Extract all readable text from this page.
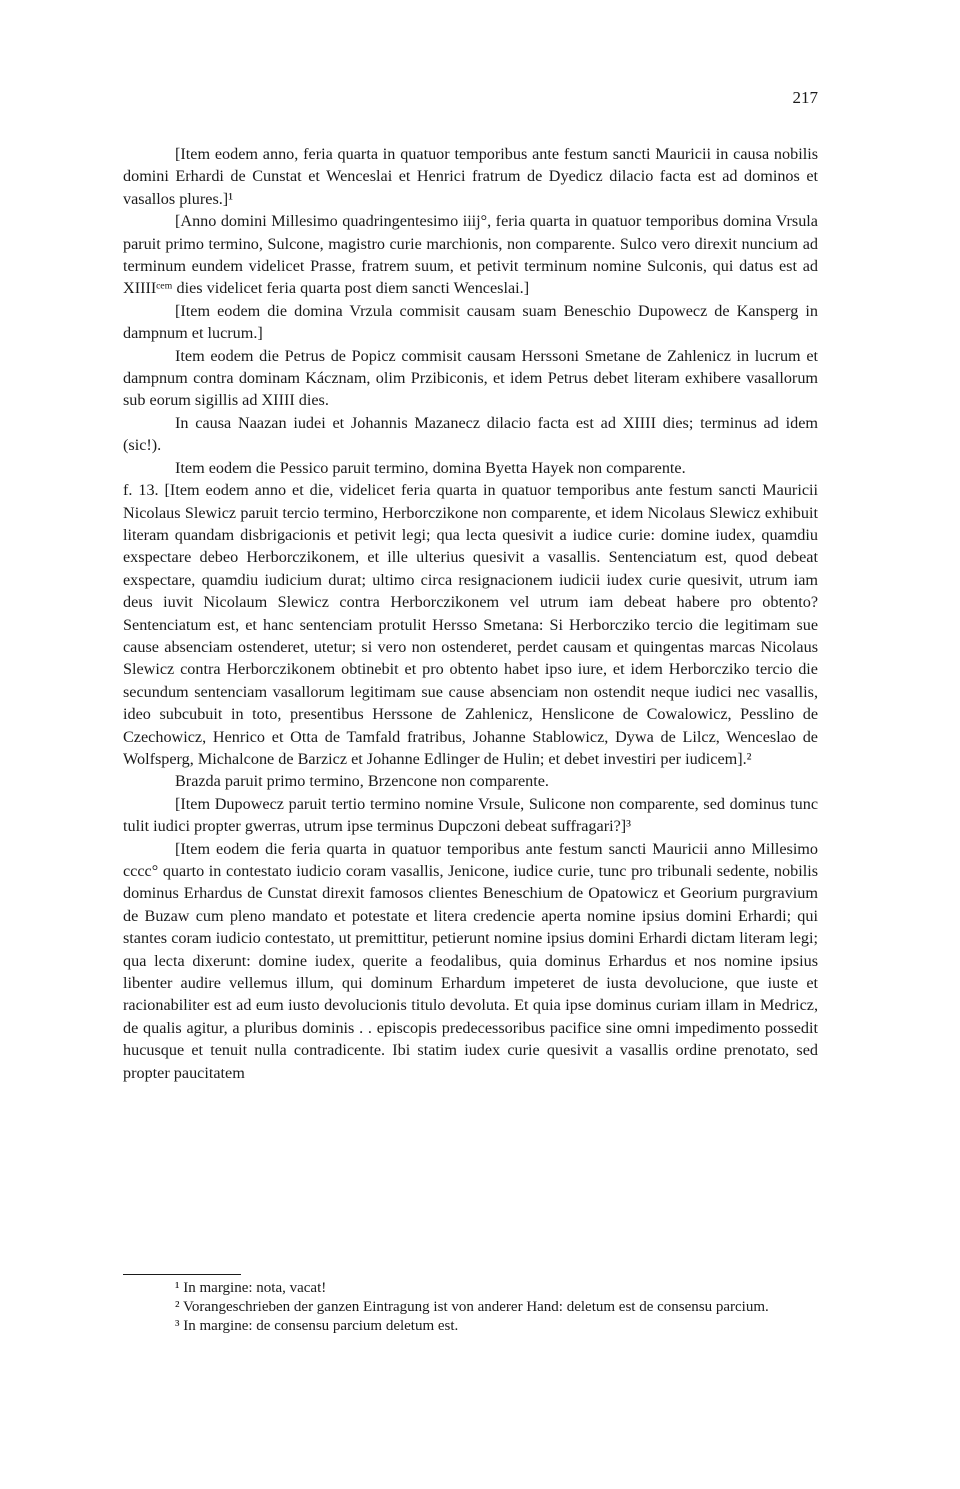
217

[Item eodem anno, feria quarta in quatuor temporibus ante festum sancti Mauricii in causa nobilis domini Erhardi de Cunstat et Wenceslai et Henrici fratrum de Dyedicz dilacio facta est ad dominos et vasallos plures.]¹

[Anno domini Millesimo quadringentesimo iiij°, feria quarta in quatuor temporibus domina Vrsula paruit primo termino, Sulcone, magistro curie marchionis, non comparente. Sulco vero direxit nuncium ad terminum eundem videlicet Prasse, fratrem suum, et petivit terminum nomine Sulconis, qui datus est ad XIIIIᶜᵉᵐ dies videlicet feria quarta post diem sancti Wenceslai.]

[Item eodem die domina Vrzula commisit causam suam Beneschio Dupowecz de Kansperg in dampnum et lucrum.]

Item eodem die Petrus de Popicz commisit causam Herssoni Smetane de Zahlenicz in lucrum et dampnum contra dominam Kácznam, olim Przibiconis, et idem Petrus debet literam exhibere vasallorum sub eorum sigillis ad XIIII dies.

In causa Naazan iudei et Johannis Mazanecz dilacio facta est ad XIIII dies; terminus ad idem (sic!).

Item eodem die Pessico paruit termino, domina Byetta Hayek non comparente.

f. 13. [Item eodem anno et die, videlicet feria quarta in quatuor temporibus ante festum sancti Mauricii Nicolaus Slewicz paruit tercio termino, Herborczikone non comparente, et idem Nicolaus Slewicz exhibuit literam quandam disbrigacionis et petivit legi; qua lecta quesivit a iudice curie: domine iudex, quamdiu exspectare debeo Herborczikonem, et ille ulterius quesivit a vasallis. Sentenciatum est, quod debeat exspectare, quamdiu iudicium durat; ultimo circa resignacionem iudicii iudex curie quesivit, utrum iam deus iuvit Nicolaum Slewicz contra Herborczikonem vel utrum iam debeat habere pro obtento? Sentenciatum est, et hanc sentenciam protulit Hersso Smetana: Si Herborcziko tercio die legitimam sue cause absenciam ostenderet, utetur; si vero non ostenderet, perdet causam et quingentas marcas Nicolaus Slewicz contra Herborczikonem obtinebit et pro obtento habet ipso iure, et idem Herborcziko tercio die secundum sentenciam vasallorum legitimam sue cause absenciam non ostendit neque iudici nec vasallis, ideo subcubuit in toto, presentibus Herssone de Zahlenicz, Henslicone de Cowalowicz, Pesslino de Czechowicz, Henrico et Otta de Tamfald fratribus, Johanne Stablowicz, Dywa de Lilcz, Wenceslao de Wolfsperg, Michalcone de Barzicz et Johanne Edlinger de Hulin; et debet investiri per iudicem].²

Brazda paruit primo termino, Brzencone non comparente.

[Item Dupowecz paruit tertio termino nomine Vrsule, Sulicone non comparente, sed dominus tunc tulit iudici propter gwerras, utrum ipse terminus Dupczoni debeat suffragari?]³

[Item eodem die feria quarta in quatuor temporibus ante festum sancti Mauricii anno Millesimo cccc° quarto in contestato iudicio coram vasallis, Jenicone, iudice curie, tunc pro tribunali sedente, nobilis dominus Erhardus de Cunstat direxit famosos clientes Beneschium de Opatowicz et Georium purgravium de Buzaw cum pleno mandato et potestate et litera credencie aperta nomine ipsius domini Erhardi; qui stantes coram iudicio contestato, ut premittitur, petierunt nomine ipsius domini Erhardi dictam literam legi; qua lecta dixerunt: domine iudex, querite a feodalibus, quia dominus Erhardus et nos nomine ipsius libenter audire vellemus illum, qui dominum Erhardum impeteret de iusta devolucione, que iuste et racionabiliter est ad eum iusto devolucionis titulo devoluta. Et quia ipse dominus curiam illam in Medricz, de qualis agitur, a pluribus dominis . . episcopis predecessoribus pacifice sine omni impedimento possedit hucusque et tenuit nulla contradicente. Ibi statim iudex curie quesivit a vasallis ordine prenotato, sed propter paucitatem

¹ In margine: nota, vacat!

² Vorangeschrieben der ganzen Eintragung ist von anderer Hand: deletum est de consensu parcium.

³ In margine: de consensu parcium deletum est.
